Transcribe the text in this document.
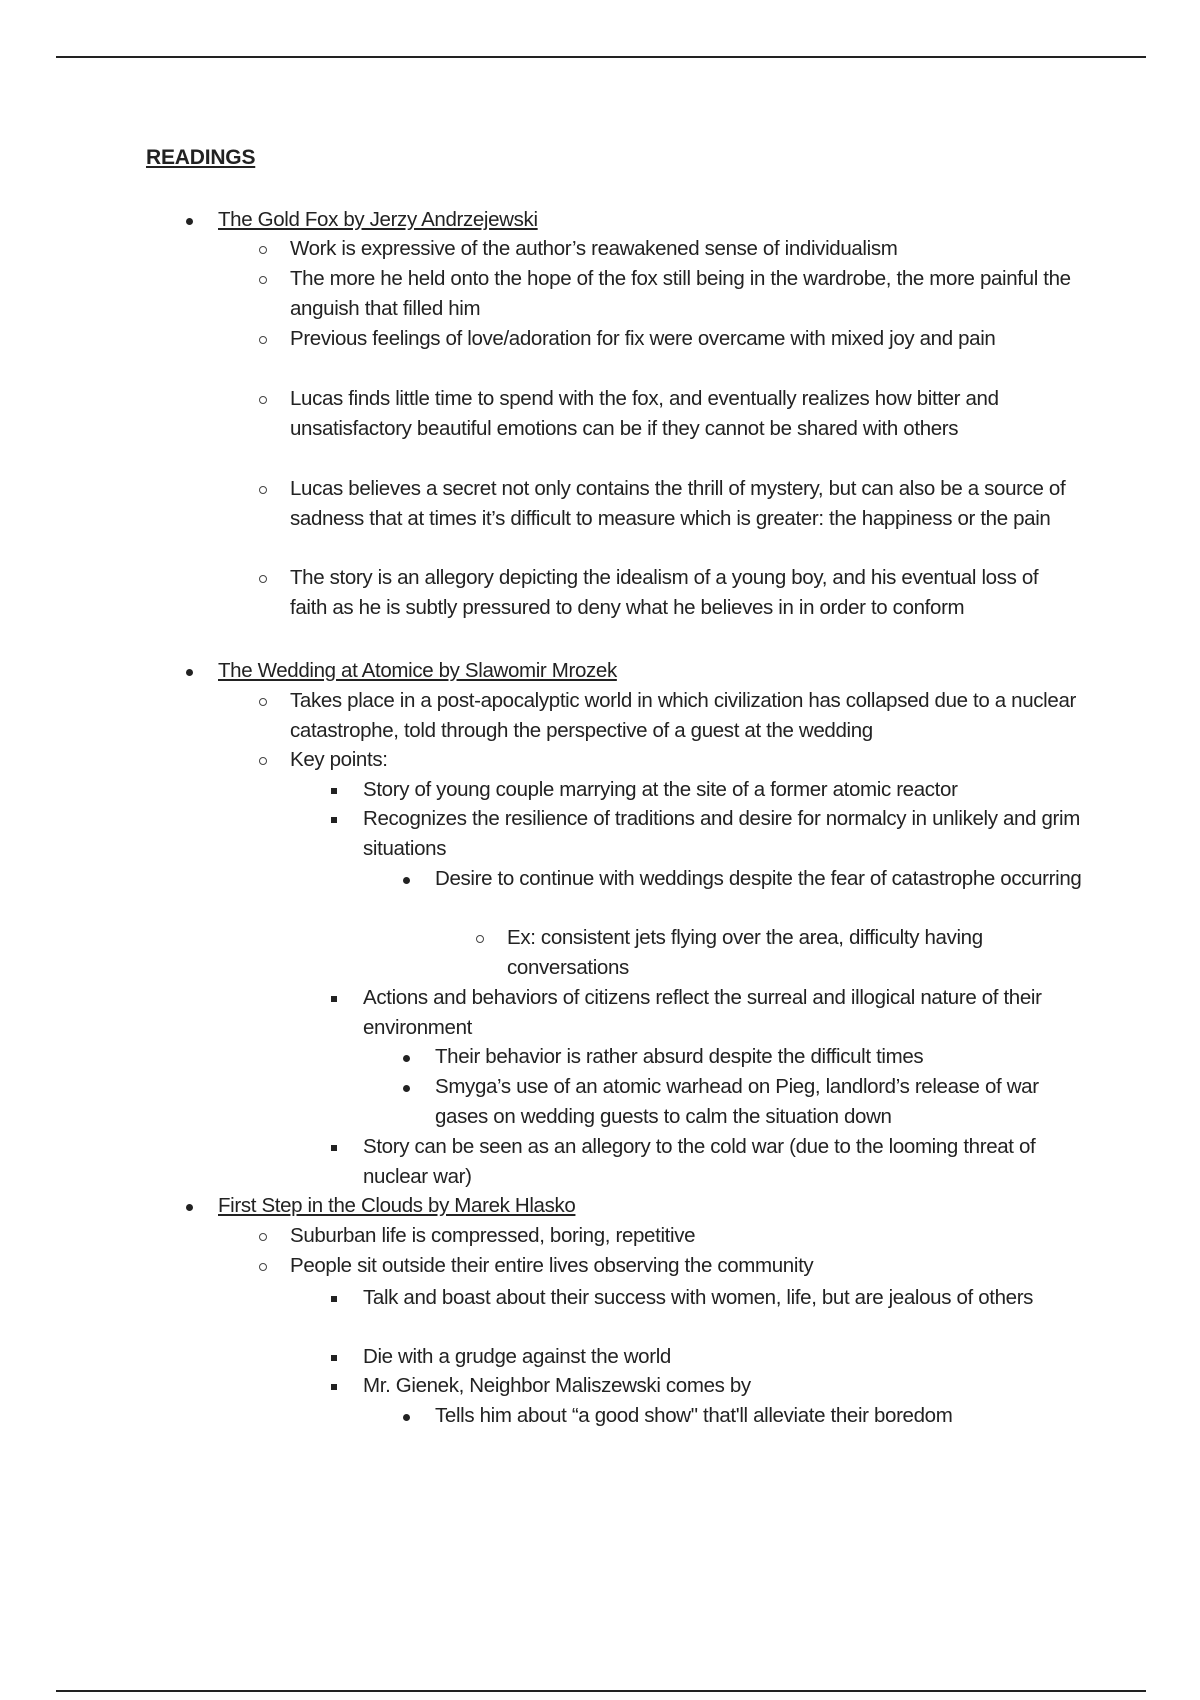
READINGS
The Gold Fox by Jerzy Andrzejewski
Work is expressive of the author’s reawakened sense of individualism
The more he held onto the hope of the fox still being in the wardrobe, the more painful the anguish that filled him
Previous feelings of love/adoration for fix were overcame with mixed joy and pain
Lucas finds little time to spend with the fox, and eventually realizes how bitter and unsatisfactory beautiful emotions can be if they cannot be shared with others
Lucas believes a secret not only contains the thrill of mystery, but can also be a source of sadness that at times it’s difficult to measure which is greater: the happiness or the pain
The story is an allegory depicting the idealism of a young boy, and his eventual loss of faith as he is subtly pressured to deny what he believes in in order to conform
The Wedding at Atomice by Slawomir Mrozek
Takes place in a post-apocalyptic world in which civilization has collapsed due to a nuclear catastrophe, told through the perspective of a guest at the wedding
Key points:
Story of young couple marrying at the site of a former atomic reactor
Recognizes the resilience of traditions and desire for normalcy in unlikely and grim situations
Desire to continue with weddings despite the fear of catastrophe occurring
Ex: consistent jets flying over the area, difficulty having conversations
Actions and behaviors of citizens reflect the surreal and illogical nature of their environment
Their behavior is rather absurd despite the difficult times
Smyga’s use of an atomic warhead on Pieg, landlord’s release of war gases on wedding guests to calm the situation down
Story can be seen as an allegory to the cold war (due to the looming threat of nuclear war)
First Step in the Clouds by Marek Hlasko
Suburban life is compressed, boring, repetitive
People sit outside their entire lives observing the community
Talk and boast about their success with women, life, but are jealous of others
Die with a grudge against the world
Mr. Gienek, Neighbor Maliszewski comes by
Tells him about “a good show" that'll alleviate their boredom
